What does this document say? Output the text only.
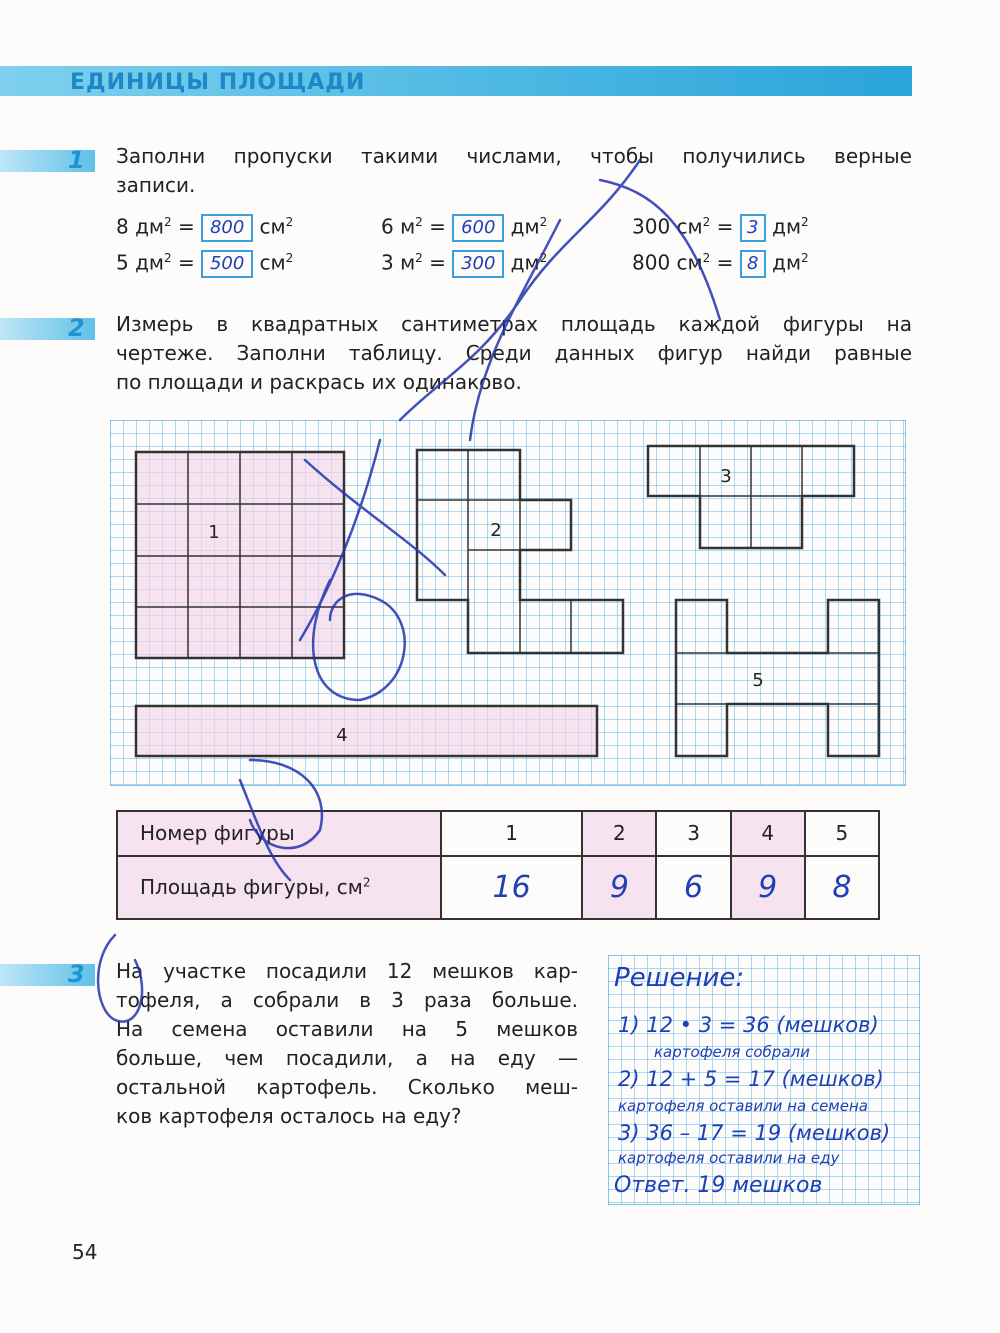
ЕДИНИЦЫ ПЛОЩАДИ
1	Заполни пропуски такими числами, чтобы получились верные
записи.
8 $дм^2 = 800$ $см^2$	6 $м^2 = 600$ $дм^2$	300 $см^2 = 3$ $дм^2$
5 $дм^2 = 500$ $см^2$	3 $м^2 = 300$ $дм^2$	800 $см^2 = 8$ $дм^2$
2	Измерь в квадратных сантиметрах площадь каждой фигуры на
чертеже. Заполни таблицу. Среди данных фигур найди равные
по площади и раскрась их одинаково.
1	2
3
4
5
Номер фигуры	1	2	3	4	5
Площадь фигуры, $см^2$	16	9	6	9	8
3	На участке посадили 12 мешков кар-
тофеля, а собрали в 3 раза больше.
На семена оставили на 5 мешков
больше, чем посадили, а на еду —
остальной картофель. Сколько меш-
ков картофеля осталось на еду?
Решение:
1) 12 • 3 = 36 (мешков)
картофеля собрали
2) 12 + 5 = 17 (мешков)
картофеля оставили на семена
3) 36 – 17 = 19 (мешков)
картофеля оставили на еду
Ответ. 19 мешков
54
